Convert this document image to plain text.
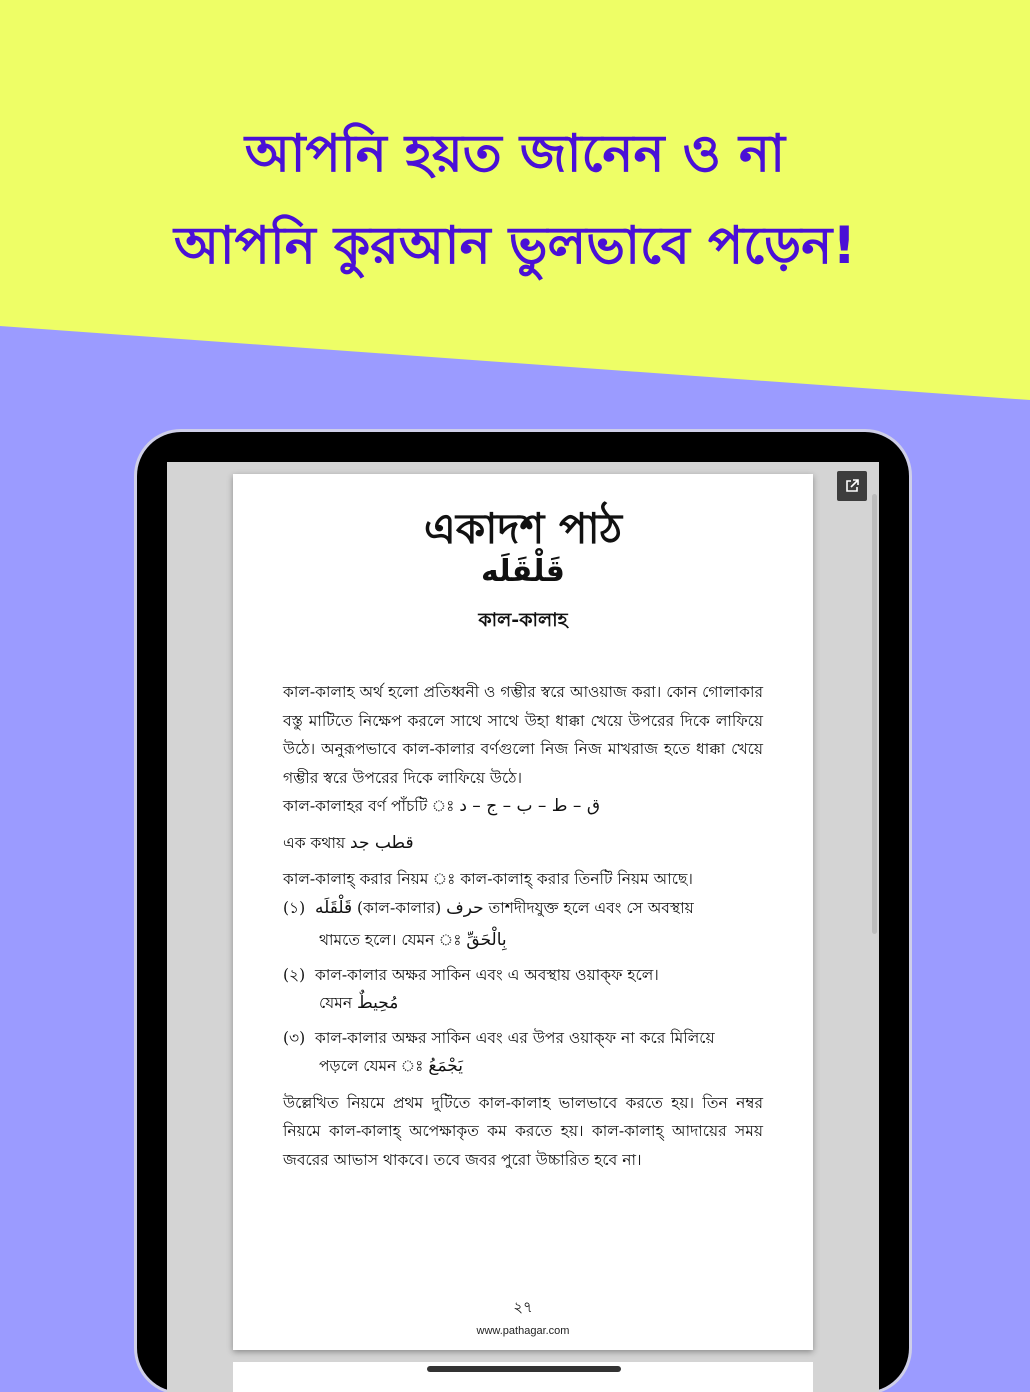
আপনি হয়ত জানেন ও না
আপনি কুরআন ভুলভাবে পড়েন!
একাদশ পাঠ
قَلْقَلَه
কাল-কালাহ

কাল-কালাহ অর্থ হলো প্রতিধ্বনী ও গম্ভীর স্বরে আওয়াজ করা। কোন গোলাকার বস্তু মাটিতে নিক্ষেপ করলে সাথে সাথে উহা ধাক্কা খেয়ে উপরের দিকে লাফিয়ে উঠে। অনুরূপভাবে কাল-কালার বর্ণগুলো নিজ নিজ মাখরাজ হতে ধাক্কা খেয়ে গম্ভীর স্বরে উপরের দিকে লাফিয়ে উঠে।

কাল-কালাহর বর্ণ পাঁচটি ঃ ق – ط – ب – ج – د

এক কথায় قطب جد

কাল-কালাহ্ করার নিয়ম ঃ কাল-কালাহ্ করার তিনটি নিয়ম আছে।

(১) قَلْقَلَه (কাল-কালার) حرف তাশদীদযুক্ত হলে এবং সে অবস্থায়

থামতে হলে। যেমন ঃ بِالْحَقِّ

(২) কাল-কালার অক্ষর সাকিন এবং এ অবস্থায় ওয়াক্ফ হলে।

যেমন مُحِيطٌ

(৩) কাল-কালার অক্ষর সাকিন এবং এর উপর ওয়াক্ফ না করে মিলিয়ে

পড়লে যেমন ঃ يَجْمَعُ

উল্লেখিত নিয়মে প্রথম দুটিতে কাল-কালাহ ভালভাবে করতে হয়। তিন নম্বর নিয়মে কাল-কালাহ্ অপেক্ষাকৃত কম করতে হয়। কাল-কালাহ্ আদায়ের সময় জবরের আভাস থাকবে। তবে জবর পুরো উচ্চারিত হবে না।

২৭
www.pathagar.com
